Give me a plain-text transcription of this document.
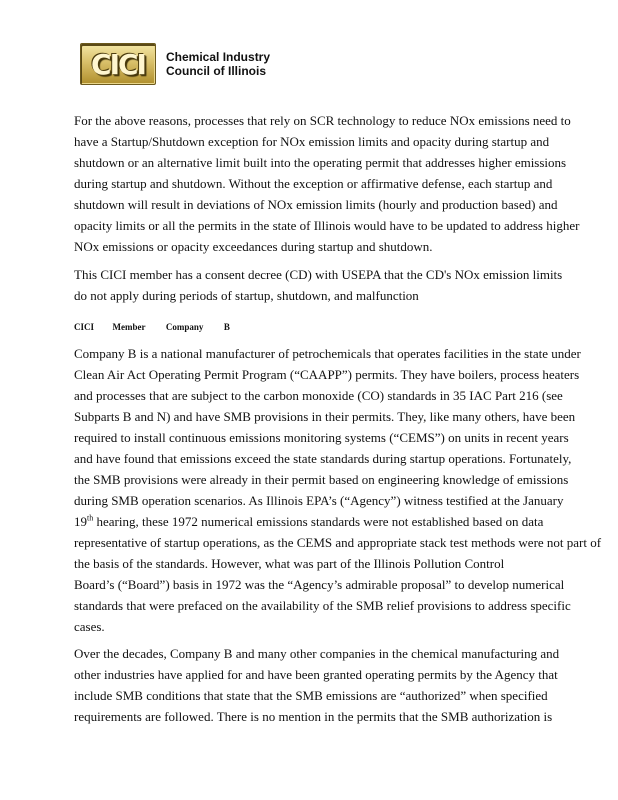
CICI Chemical Industry
Council of Illinois
For the above reasons, processes that rely on SCR technology to reduce NOx emissions need to
have a Startup/Shutdown exception for NOx emission limits and opacity during startup and
shutdown or an alternative limit built into the operating permit that addresses higher emissions
during startup and shutdown. Without the exception or affirmative defense, each startup and
shutdown will result in deviations of NOx emission limits (hourly and production based) and
opacity limits or all the permits in the state of Illinois would have to be updated to address higher
NOx emissions or opacity exceedances during startup and shutdown.
This CICI member has a consent decree (CD) with USEPA that the CD's NOx emission limits
do not apply during periods of startup, shutdown, and malfunction
CICI Member Company B
Company B is a national manufacturer of petrochemicals that operates facilities in the state under
Clean Air Act Operating Permit Program (“CAAPP”) permits. They have boilers, process heaters
and processes that are subject to the carbon monoxide (CO) standards in 35 IAC Part 216 (see
Subparts B and N) and have SMB provisions in their permits. They, like many others, have been
required to install continuous emissions monitoring systems (“CEMS”) on units in recent years
and have found that emissions exceed the state standards during startup operations. Fortunately,
the SMB provisions were already in their permit based on engineering knowledge of emissions
during SMB operation scenarios. As Illinois EPA’s (“Agency”) witness testified at the January
19th hearing, these 1972 numerical emissions standards were not established based on data
representative of startup operations, as the CEMS and appropriate stack test methods were not part of
the basis of the standards. However, what was part of the Illinois Pollution Control
Board’s (“Board”) basis in 1972 was the “Agency’s admirable proposal” to develop numerical
standards that were prefaced on the availability of the SMB relief provisions to address specific
cases.
Over the decades, Company B and many other companies in the chemical manufacturing and
other industries have applied for and have been granted operating permits by the Agency that
include SMB conditions that state that the SMB emissions are “authorized” when specified
requirements are followed. There is no mention in the permits that the SMB authorization is
